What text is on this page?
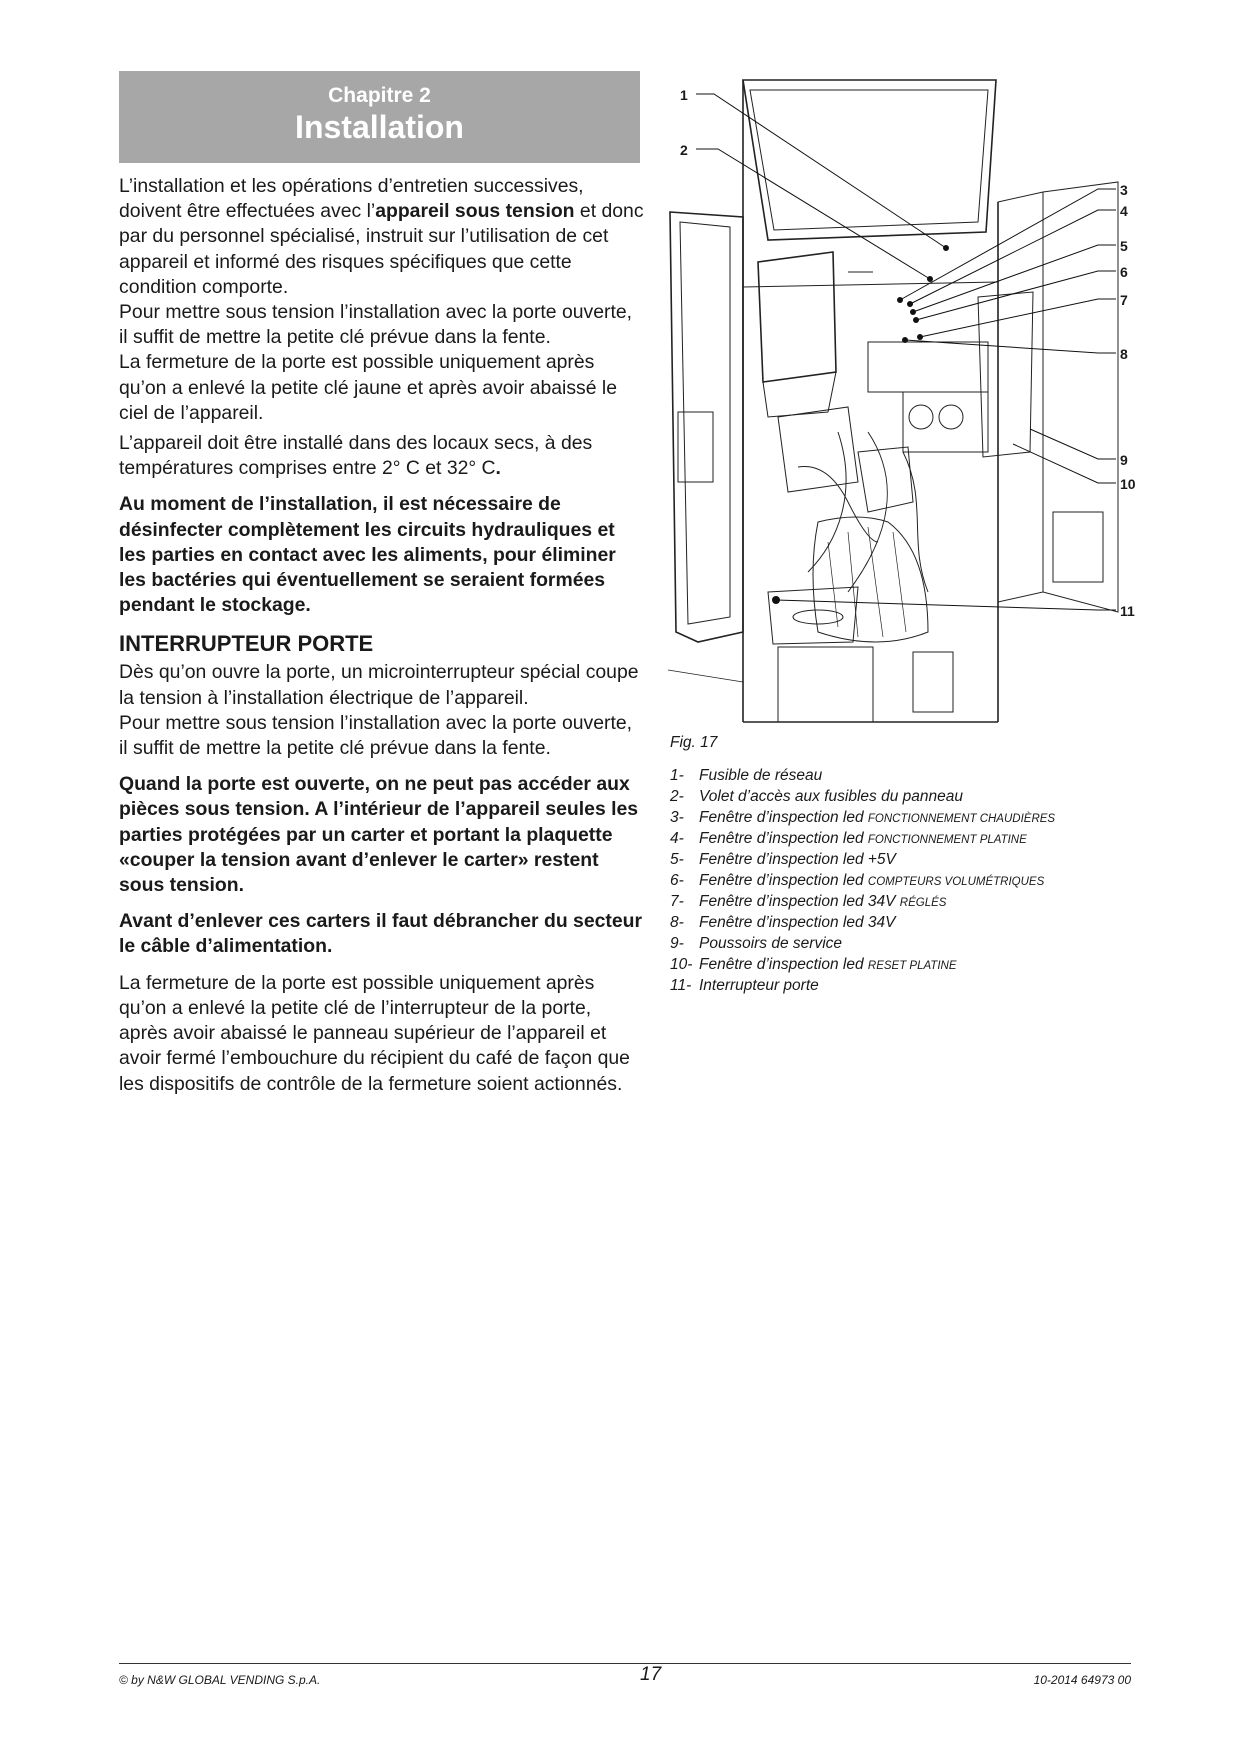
Chapitre 2
Installation

L’installation et les opérations d’entretien successives, doivent être effectuées avec l’appareil sous tension et donc par du personnel spécialisé, instruit sur l’utilisation de cet appareil et informé des risques spécifiques que cette condition comporte.

Pour mettre sous tension l’installation avec la porte ouverte, il suffit de mettre la petite clé prévue dans la fente.

La fermeture de la porte est possible uniquement après qu’on a enlevé la petite clé jaune et après avoir abaissé le ciel de l’appareil.

L’appareil doit être installé dans des locaux secs, à des températures comprises entre 2° C et 32° C.

Au moment de l’installation, il est nécessaire de désinfecter complètement les circuits hydrauliques et les parties en contact avec les aliments, pour éliminer les bactéries qui éventuellement se seraient formées pendant le stockage.

INTERRUPTEUR PORTE

Dès qu’on ouvre la porte, un microinterrupteur spécial coupe la tension à l’installation électrique de l’appareil.

Pour mettre sous tension l’installation avec la porte ouverte, il suffit de mettre la petite clé prévue dans la fente.

Quand la porte est ouverte, on ne peut pas accéder aux pièces sous tension. A l’intérieur de l’appareil seules les parties protégées par un carter et portant la plaquette «couper la tension avant d’enlever le carter» restent sous tension.

Avant d’enlever ces carters il faut débrancher du secteur le câble d’alimentation.

La fermeture de la porte est possible uniquement après qu’on a enlevé la petite clé de l’interrupteur de la porte, après avoir abaissé le panneau supérieur de l’appareil et avoir fermé l’embouchure du récipient du café de façon que les dispositifs de contrôle de la fermeture soient actionnés.

1
2
3
4
5
6
7
8
9
10
11
Fig. 17
1- Fusible de réseau
2- Volet d’accès aux fusibles du panneau
3- Fenêtre d’inspection led FONCTIONNEMENT CHAUDIÈRES
4- Fenêtre d’inspection led FONCTIONNEMENT PLATINE
5- Fenêtre d’inspection led +5V
6- Fenêtre d’inspection led COMPTEURS VOLUMÉTRIQUES
7- Fenêtre d’inspection led 34V RÉGLÉS
8- Fenêtre d’inspection led 34V
9- Poussoirs de service
10- Fenêtre d’inspection led RESET PLATINE
11- Interrupteur porte
© by N&W GLOBAL VENDING S.p.A.	17	10-2014 64973 00
